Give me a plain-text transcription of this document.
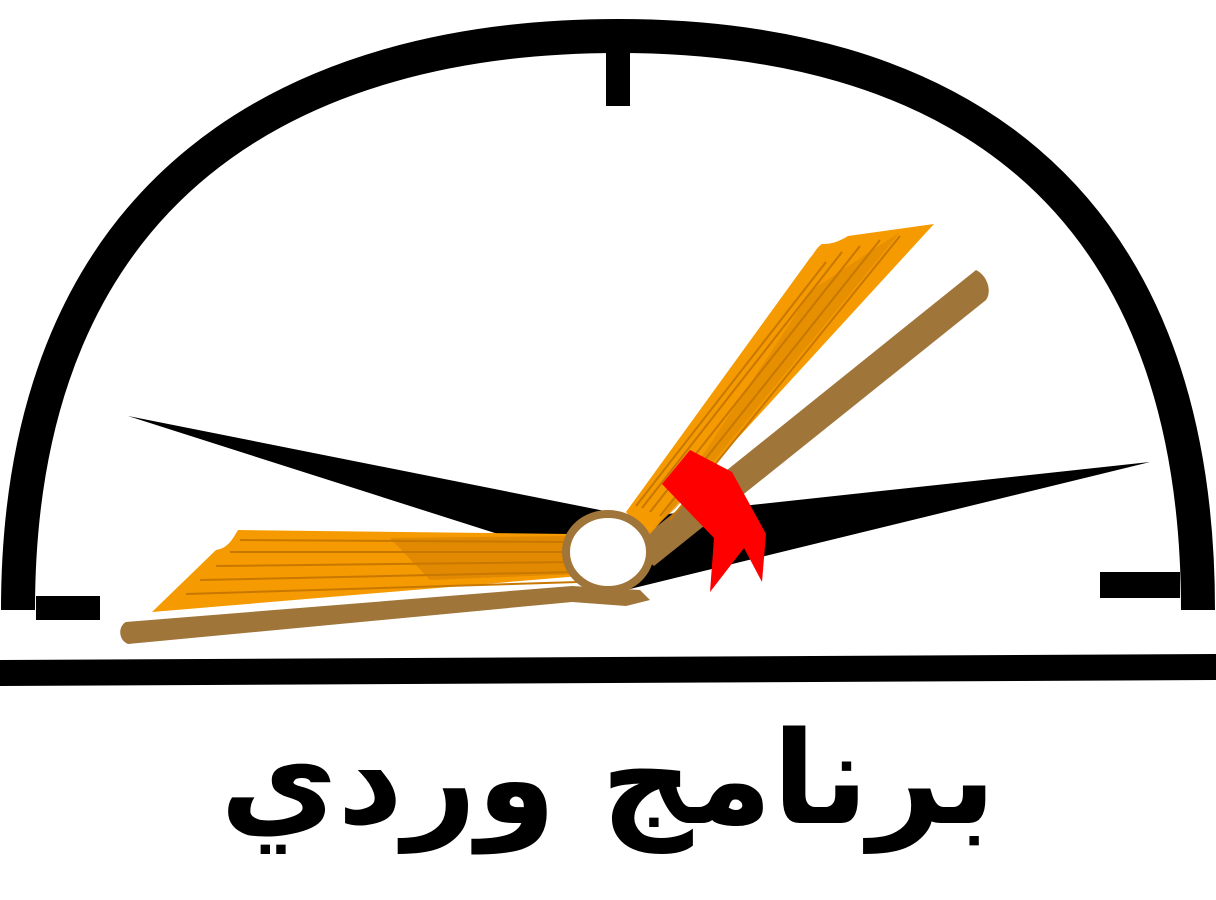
برنامج وردي
